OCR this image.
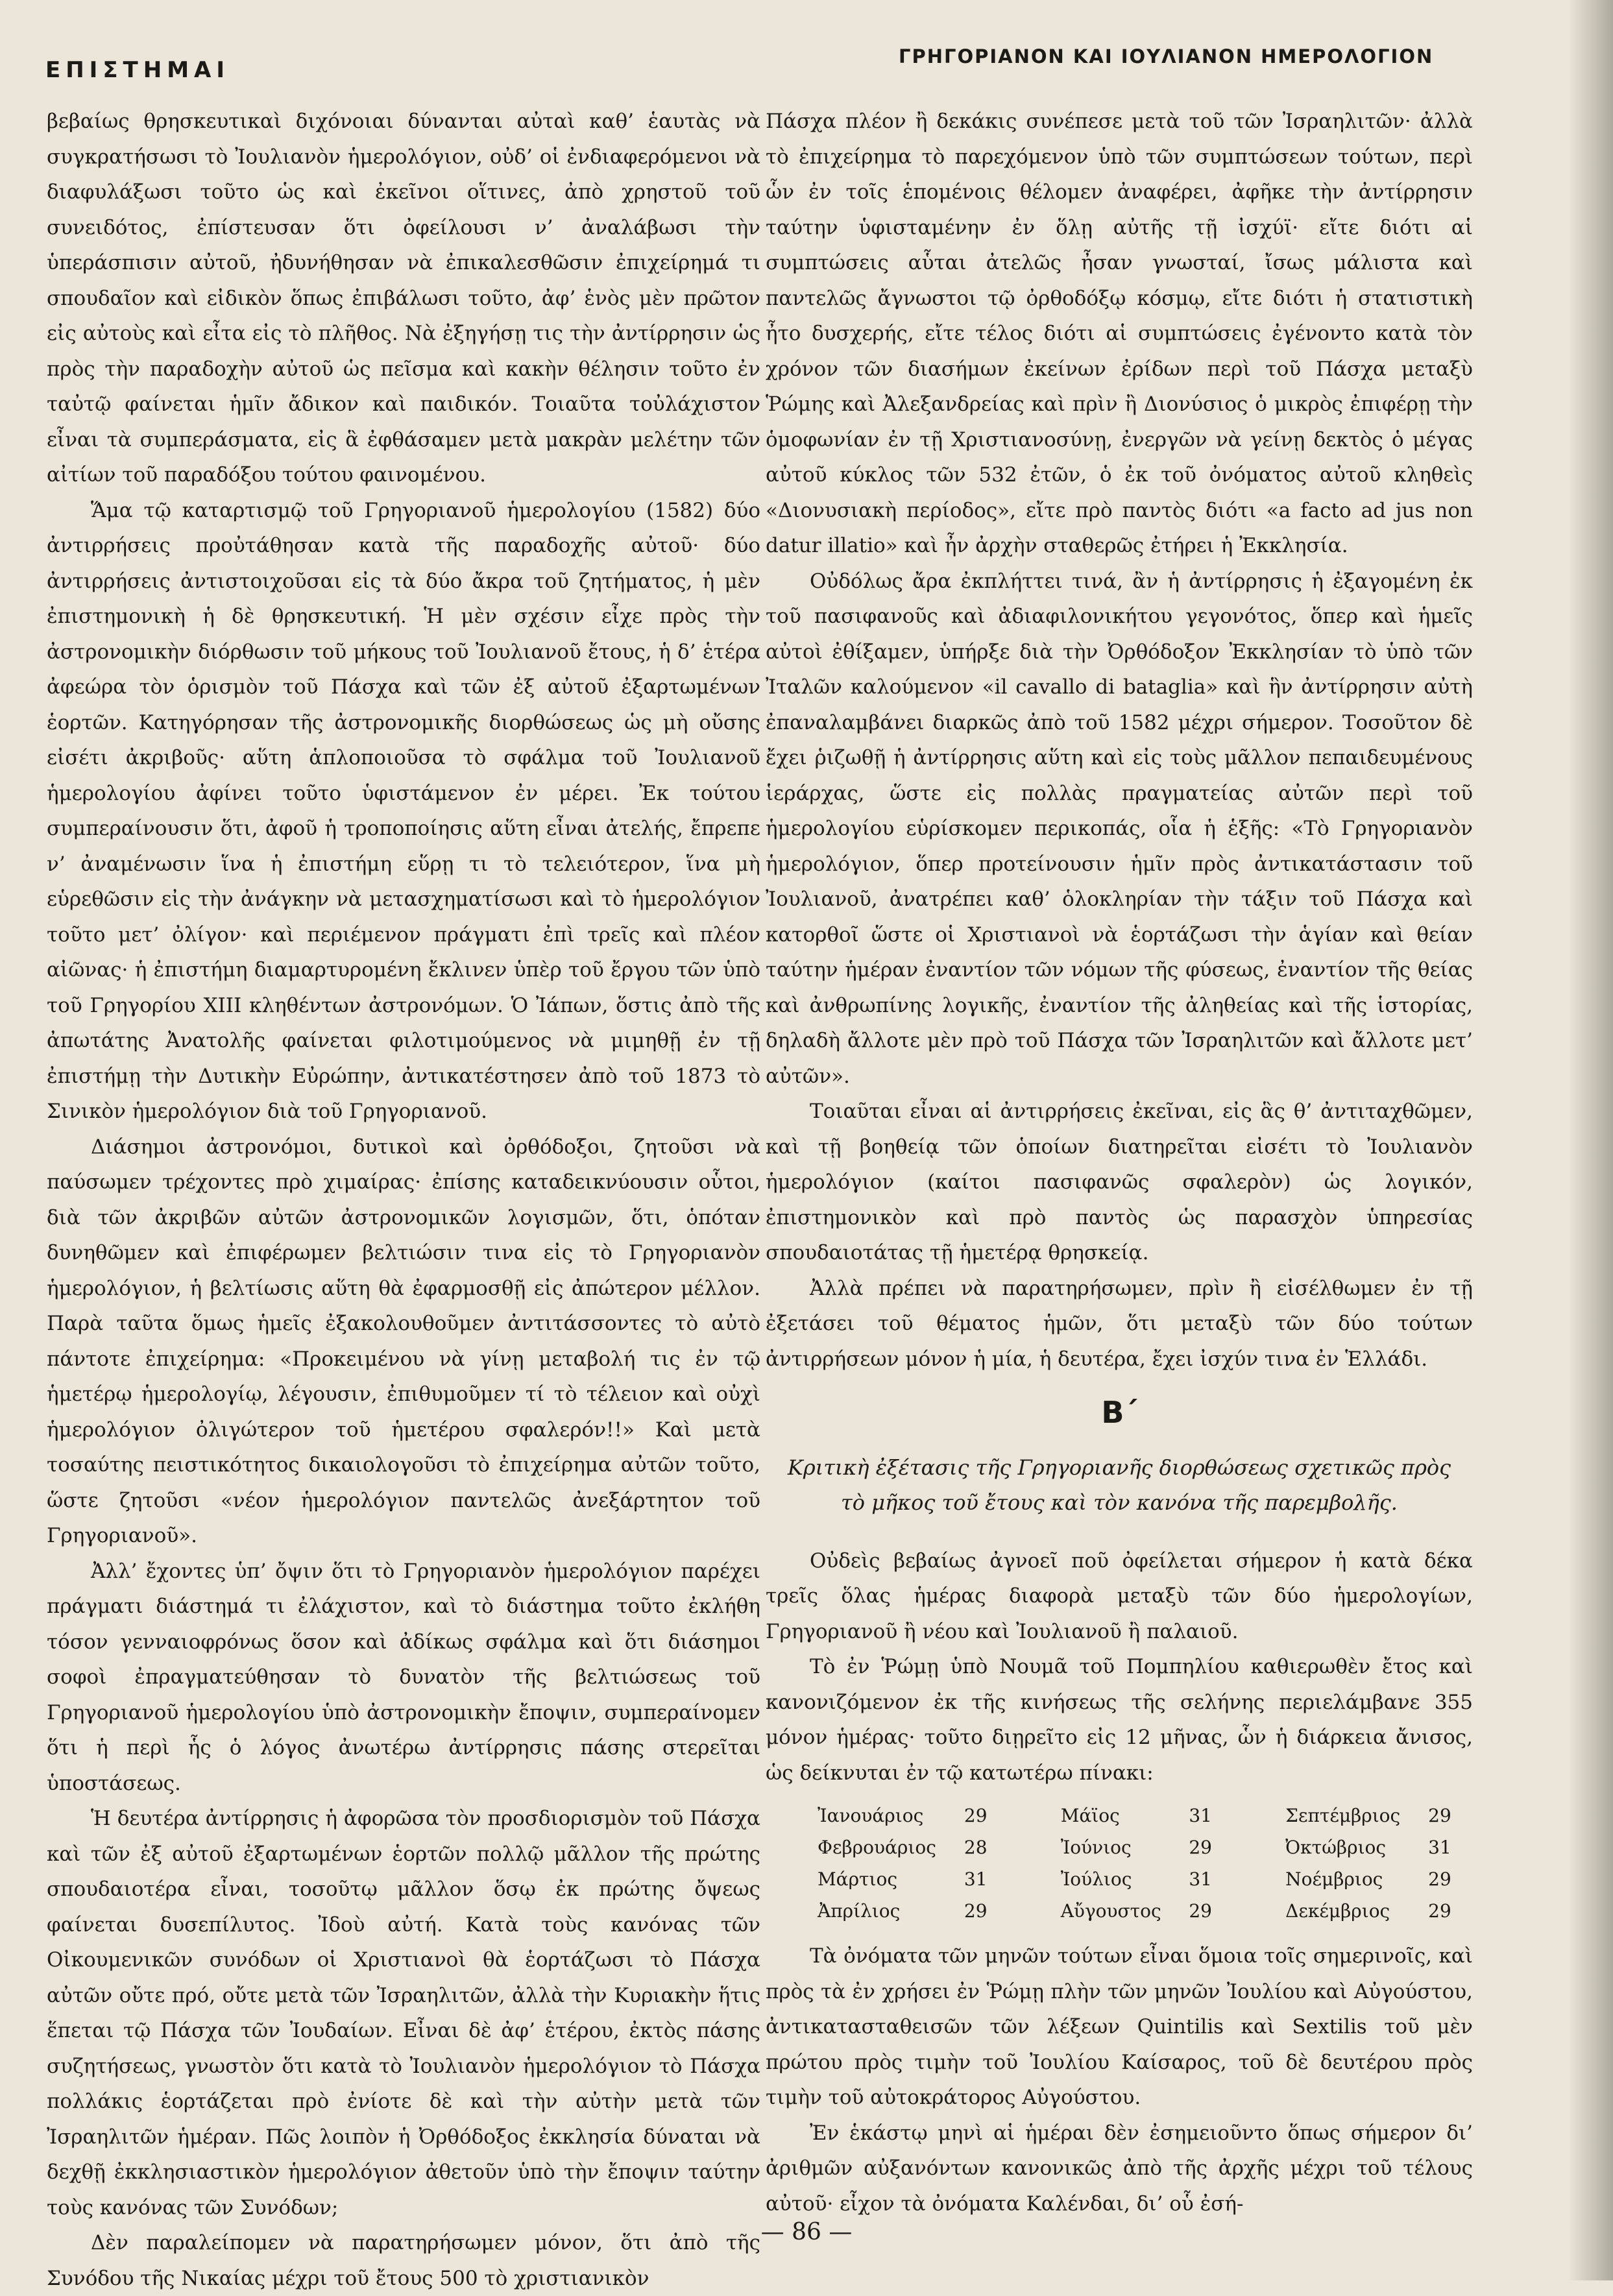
ΕΠΙΣΤΗΜΑΙ
ΓΡΗΓΟΡΙΑΝΟΝ ΚΑΙ ΙΟΥΛΙΑΝΟΝ ΗΜΕΡΟΛΟΓΙΟΝ

βεβαίως θρησκευτικαὶ διχόνοιαι δύνανται αὐταὶ καθ’ ἑαυτὰς νὰ συγκρατήσωσι τὸ Ἰουλιανὸν ἡμερολόγιον, οὐδ’ οἱ ἐνδιαφερόμενοι νὰ διαφυλάξωσι τοῦτο ὡς καὶ ἐκεῖνοι οἵτινες, ἀπὸ χρηστοῦ τοῦ συνειδότος, ἐπίστευσαν ὅτι ὀφείλουσι ν’ ἀναλάβωσι τὴν ὑπεράσπισιν αὐτοῦ, ἠδυνήθησαν νὰ ἐπικαλεσθῶσιν ἐπιχείρημά τι σπουδαῖον καὶ εἰδικὸν ὅπως ἐπιβάλωσι τοῦτο, ἀφ’ ἑνὸς μὲν πρῶτον εἰς αὐτοὺς καὶ εἶτα εἰς τὸ πλῆθος. Νὰ ἐξηγήσῃ τις τὴν ἀντίρρησιν ὡς πρὸς τὴν παραδοχὴν αὐτοῦ ὡς πεῖσμα καὶ κακὴν θέλησιν τοῦτο ἐν ταὐτῷ φαίνεται ἡμῖν ἄδικον καὶ παιδικόν. Τοιαῦτα τοὐλάχιστον εἶναι τὰ συμπεράσματα, εἰς ἃ ἐφθάσαμεν μετὰ μακρὰν μελέτην τῶν αἰτίων τοῦ παραδόξου τούτου φαινομένου.

Ἅμα τῷ καταρτισμῷ τοῦ Γρηγοριανοῦ ἡμερολογίου (1582) δύο ἀντιρρήσεις προὐτάθησαν κατὰ τῆς παραδοχῆς αὐτοῦ· δύο ἀντιρρήσεις ἀντιστοιχοῦσαι εἰς τὰ δύο ἄκρα τοῦ ζητήματος, ἡ μὲν ἐπιστημονικὴ ἡ δὲ θρησκευτική. Ἡ μὲν σχέσιν εἶχε πρὸς τὴν ἀστρονομικὴν διόρθωσιν τοῦ μήκους τοῦ Ἰουλιανοῦ ἔτους, ἡ δ’ ἑτέρα ἀφεώρα τὸν ὁρισμὸν τοῦ Πάσχα καὶ τῶν ἐξ αὐτοῦ ἐξαρτωμένων ἑορτῶν. Κατηγόρησαν τῆς ἀστρονομικῆς διορθώσεως ὡς μὴ οὔσης εἰσέτι ἀκριβοῦς· αὕτη ἁπλοποιοῦσα τὸ σφάλμα τοῦ Ἰουλιανοῦ ἡμερολογίου ἀφίνει τοῦτο ὑφιστάμενον ἐν μέρει. Ἐκ τούτου συμπεραίνουσιν ὅτι, ἀφοῦ ἡ τροποποίησις αὕτη εἶναι ἀτελής, ἔπρεπε ν’ ἀναμένωσιν ἵνα ἡ ἐπιστήμη εὕρῃ τι τὸ τελειότερον, ἵνα μὴ εὑρεθῶσιν εἰς τὴν ἀνάγκην νὰ μετασχηματίσωσι καὶ τὸ ἡμερολόγιον τοῦτο μετ’ ὀλίγον· καὶ περιέμενον πράγματι ἐπὶ τρεῖς καὶ πλέον αἰῶνας· ἡ ἐπιστήμη διαμαρτυρομένη ἔκλινεν ὑπὲρ τοῦ ἔργου τῶν ὑπὸ τοῦ Γρηγορίου XIII κληθέντων ἀστρονόμων. Ὁ Ἰάπων, ὅστις ἀπὸ τῆς ἀπωτάτης Ἀνατολῆς φαίνεται φιλοτιμούμενος νὰ μιμηθῇ ἐν τῇ ἐπιστήμῃ τὴν Δυτικὴν Εὐρώπην, ἀντικατέστησεν ἀπὸ τοῦ 1873 τὸ Σινικὸν ἡμερολόγιον διὰ τοῦ Γρηγοριανοῦ.

Διάσημοι ἀστρονόμοι, δυτικοὶ καὶ ὀρθόδοξοι, ζητοῦσι νὰ παύσωμεν τρέχοντες πρὸ χιμαίρας· ἐπίσης καταδεικνύουσιν οὗτοι, διὰ τῶν ἀκριβῶν αὐτῶν ἀστρονομικῶν λογισμῶν, ὅτι, ὁπόταν δυνηθῶμεν καὶ ἐπιφέρωμεν βελτιώσιν τινα εἰς τὸ Γρηγοριανὸν ἡμερολόγιον, ἡ βελτίωσις αὕτη θὰ ἐφαρμοσθῇ εἰς ἀπώτερον μέλλον. Παρὰ ταῦτα ὅμως ἡμεῖς ἐξακολουθοῦμεν ἀντιτάσσοντες τὸ αὐτὸ πάντοτε ἐπιχείρημα: «Προκειμένου νὰ γίνῃ μεταβολή τις ἐν τῷ ἡμετέρῳ ἡμερολογίῳ, λέγουσιν, ἐπιθυμοῦμεν τί τὸ τέλειον καὶ οὐχὶ ἡμερολόγιον ὀλιγώτερον τοῦ ἡμετέρου σφαλερόν!!» Καὶ μετὰ τοσαύτης πειστικότητος δικαιολογοῦσι τὸ ἐπιχείρημα αὐτῶν τοῦτο, ὥστε ζητοῦσι «νέον ἡμερολόγιον παντελῶς ἀνεξάρτητον τοῦ Γρηγοριανοῦ».

Ἀλλ’ ἔχοντες ὑπ’ ὄψιν ὅτι τὸ Γρηγοριανὸν ἡμερολόγιον παρέχει πράγματι διάστημά τι ἐλάχιστον, καὶ τὸ διάστημα τοῦτο ἐκλήθη τόσον γενναιοφρόνως ὅσον καὶ ἀδίκως σφάλμα καὶ ὅτι διάσημοι σοφοὶ ἐπραγματεύθησαν τὸ δυνατὸν τῆς βελτιώσεως τοῦ Γρηγοριανοῦ ἡμερολογίου ὑπὸ ἀστρονομικὴν ἔποψιν, συμπεραίνομεν ὅτι ἡ περὶ ἧς ὁ λόγος ἀνωτέρω ἀντίρρησις πάσης στερεῖται ὑποστάσεως.

Ἡ δευτέρα ἀντίρρησις ἡ ἀφορῶσα τὸν προσδιορισμὸν τοῦ Πάσχα καὶ τῶν ἐξ αὐτοῦ ἐξαρτωμένων ἑορτῶν πολλῷ μᾶλλον τῆς πρώτης σπουδαιοτέρα εἶναι, τοσοῦτῳ μᾶλλον ὅσῳ ἐκ πρώτης ὄψεως φαίνεται δυσεπίλυτος. Ἰδοὺ αὐτή. Κατὰ τοὺς κανόνας τῶν Οἰκουμενικῶν συνόδων οἱ Χριστιανοὶ θὰ ἑορτάζωσι τὸ Πάσχα αὐτῶν οὔτε πρό, οὔτε μετὰ τῶν Ἰσραηλιτῶν, ἀλλὰ τὴν Κυριακὴν ἥτις ἕπεται τῷ Πάσχα τῶν Ἰουδαίων. Εἶναι δὲ ἀφ’ ἑτέρου, ἐκτὸς πάσης συζητήσεως, γνωστὸν ὅτι κατὰ τὸ Ἰουλιανὸν ἡμερολόγιον τὸ Πάσχα πολλάκις ἑορτάζεται πρὸ ἐνίοτε δὲ καὶ τὴν αὐτὴν μετὰ τῶν Ἰσραηλιτῶν ἡμέραν. Πῶς λοιπὸν ἡ Ὀρθόδοξος ἐκκλησία δύναται νὰ δεχθῇ ἐκκλησιαστικὸν ἡμερολόγιον ἀθετοῦν ὑπὸ τὴν ἔποψιν ταύτην τοὺς κανόνας τῶν Συνόδων;

Δὲν παραλείπομεν νὰ παρατηρήσωμεν μόνον, ὅτι ἀπὸ τῆς Συνόδου τῆς Νικαίας μέχρι τοῦ ἔτους 500 τὸ χριστιανικὸν

Πάσχα πλέον ἢ δεκάκις συνέπεσε μετὰ τοῦ τῶν Ἰσραηλιτῶν· ἀλλὰ τὸ ἐπιχείρημα τὸ παρεχόμενον ὑπὸ τῶν συμπτώσεων τούτων, περὶ ὧν ἐν τοῖς ἑπομένοις θέλομεν ἀναφέρει, ἀφῆκε τὴν ἀντίρρησιν ταύτην ὑφισταμένην ἐν ὅλῃ αὐτῆς τῇ ἰσχύϊ· εἴτε διότι αἱ συμπτώσεις αὗται ἀτελῶς ἦσαν γνωσταί, ἴσως μάλιστα καὶ παντελῶς ἄγνωστοι τῷ ὀρθοδόξῳ κόσμῳ, εἴτε διότι ἡ στατιστικὴ ἦτο δυσχερής, εἴτε τέλος διότι αἱ συμπτώσεις ἐγένοντο κατὰ τὸν χρόνον τῶν διασήμων ἐκείνων ἐρίδων περὶ τοῦ Πάσχα μεταξὺ Ῥώμης καὶ Ἀλεξανδρείας καὶ πρὶν ἢ Διονύσιος ὁ μικρὸς ἐπιφέρῃ τὴν ὁμοφωνίαν ἐν τῇ Χριστιανοσύνῃ, ἐνεργῶν νὰ γείνῃ δεκτὸς ὁ μέγας αὐτοῦ κύκλος τῶν 532 ἐτῶν, ὁ ἐκ τοῦ ὀνόματος αὐτοῦ κληθεὶς «Διονυσιακὴ περίοδος», εἴτε πρὸ παντὸς διότι «a facto ad jus non datur illatio» καὶ ἦν ἀρχὴν σταθερῶς ἐτήρει ἡ Ἐκκλησία.

Οὐδόλως ἄρα ἐκπλήττει τινά, ἂν ἡ ἀντίρρησις ἡ ἐξαγομένη ἐκ τοῦ πασιφανοῦς καὶ ἀδιαφιλονικήτου γεγονότος, ὅπερ καὶ ἡμεῖς αὐτοὶ ἐθίξαμεν, ὑπήρξε διὰ τὴν Ὀρθόδοξον Ἐκκλησίαν τὸ ὑπὸ τῶν Ἰταλῶν καλούμενον «il cavallo di bataglia» καὶ ἣν ἀντίρρησιν αὐτὴ ἐπαναλαμβάνει διαρκῶς ἀπὸ τοῦ 1582 μέχρι σήμερον. Τοσοῦτον δὲ ἔχει ῥιζωθῇ ἡ ἀντίρρησις αὕτη καὶ εἰς τοὺς μᾶλλον πεπαιδευμένους ἱεράρχας, ὥστε εἰς πολλὰς πραγματείας αὐτῶν περὶ τοῦ ἡμερολογίου εὑρίσκομεν περικοπάς, οἷα ἡ ἑξῆς: «Τὸ Γρηγοριανὸν ἡμερολόγιον, ὅπερ προτείνουσιν ἡμῖν πρὸς ἀντικατάστασιν τοῦ Ἰουλιανοῦ, ἀνατρέπει καθ’ ὁλοκληρίαν τὴν τάξιν τοῦ Πάσχα καὶ κατορθοῖ ὥστε οἱ Χριστιανοὶ νὰ ἑορτάζωσι τὴν ἁγίαν καὶ θείαν ταύτην ἡμέραν ἐναντίον τῶν νόμων τῆς φύσεως, ἐναντίον τῆς θείας καὶ ἀνθρωπίνης λογικῆς, ἐναντίον τῆς ἀληθείας καὶ τῆς ἱστορίας, δηλαδὴ ἄλλοτε μὲν πρὸ τοῦ Πάσχα τῶν Ἰσραηλιτῶν καὶ ἄλλοτε μετ’ αὐτῶν».

Τοιαῦται εἶναι αἱ ἀντιρρήσεις ἐκεῖναι, εἰς ἃς θ’ ἀντιταχθῶμεν, καὶ τῇ βοηθείᾳ τῶν ὁποίων διατηρεῖται εἰσέτι τὸ Ἰουλιανὸν ἡμερολόγιον (καίτοι πασιφανῶς σφαλερὸν) ὡς λογικόν, ἐπιστημονικὸν καὶ πρὸ παντὸς ὡς παρασχὸν ὑπηρεσίας σπουδαιοτάτας τῇ ἡμετέρᾳ θρησκείᾳ.

Ἀλλὰ πρέπει νὰ παρατηρήσωμεν, πρὶν ἢ εἰσέλθωμεν ἐν τῇ ἐξετάσει τοῦ θέματος ἡμῶν, ὅτι μεταξὺ τῶν δύο τούτων ἀντιρρήσεων μόνον ἡ μία, ἡ δευτέρα, ἔχει ἰσχύν τινα ἐν Ἑλλάδι.

Β΄
Κριτικὴ ἐξέτασις τῆς Γρηγοριανῆς διορθώσεως σχετικῶς πρὸς τὸ μῆκος τοῦ ἔτους καὶ τὸν κανόνα τῆς παρεμβολῆς.

Οὐδεὶς βεβαίως ἀγνοεῖ ποῦ ὀφείλεται σήμερον ἡ κατὰ δέκα τρεῖς ὅλας ἡμέρας διαφορὰ μεταξὺ τῶν δύο ἡμερολογίων, Γρηγοριανοῦ ἢ νέου καὶ Ἰουλιανοῦ ἢ παλαιοῦ.

Τὸ ἐν Ῥώμῃ ὑπὸ Νουμᾶ τοῦ Πομπηλίου καθιερωθὲν ἔτος καὶ κανονιζόμενον ἐκ τῆς κινήσεως τῆς σελήνης περιελάμβανε 355 μόνον ἡμέρας· τοῦτο διῃρεῖτο εἰς 12 μῆνας, ὧν ἡ διάρκεια ἄνισος, ὡς δείκνυται ἐν τῷ κατωτέρω πίνακι:

Ἰανουάριος	29	Μάϊος	31	Σεπτέμβριος	29
Φεβρουάριος	28	Ἰούνιος	29	Ὀκτώβριος	31
Μάρτιος	31	Ἰούλιος	31	Νοέμβριος	29
Ἀπρίλιος	29	Αὔγουστος	29	Δεκέμβριος	29

Τὰ ὀνόματα τῶν μηνῶν τούτων εἶναι ὅμοια τοῖς σημερινοῖς, καὶ πρὸς τὰ ἐν χρήσει ἐν Ῥώμῃ πλὴν τῶν μηνῶν Ἰουλίου καὶ Αὐγούστου, ἀντικατασταθεισῶν τῶν λέξεων Quintilis καὶ Sextilis τοῦ μὲν πρώτου πρὸς τιμὴν τοῦ Ἰουλίου Καίσαρος, τοῦ δὲ δευτέρου πρὸς τιμὴν τοῦ αὐτοκράτορος Αὐγούστου.

Ἐν ἑκάστῳ μηνὶ αἱ ἡμέραι δὲν ἐσημειοῦντο ὅπως σήμερον δι’ ἀριθμῶν αὐξανόντων κανονικῶς ἀπὸ τῆς ἀρχῆς μέχρι τοῦ τέλους αὐτοῦ· εἶχον τὰ ὀνόματα Καλένδαι, δι’ οὗ ἐσή-

— 86 —
